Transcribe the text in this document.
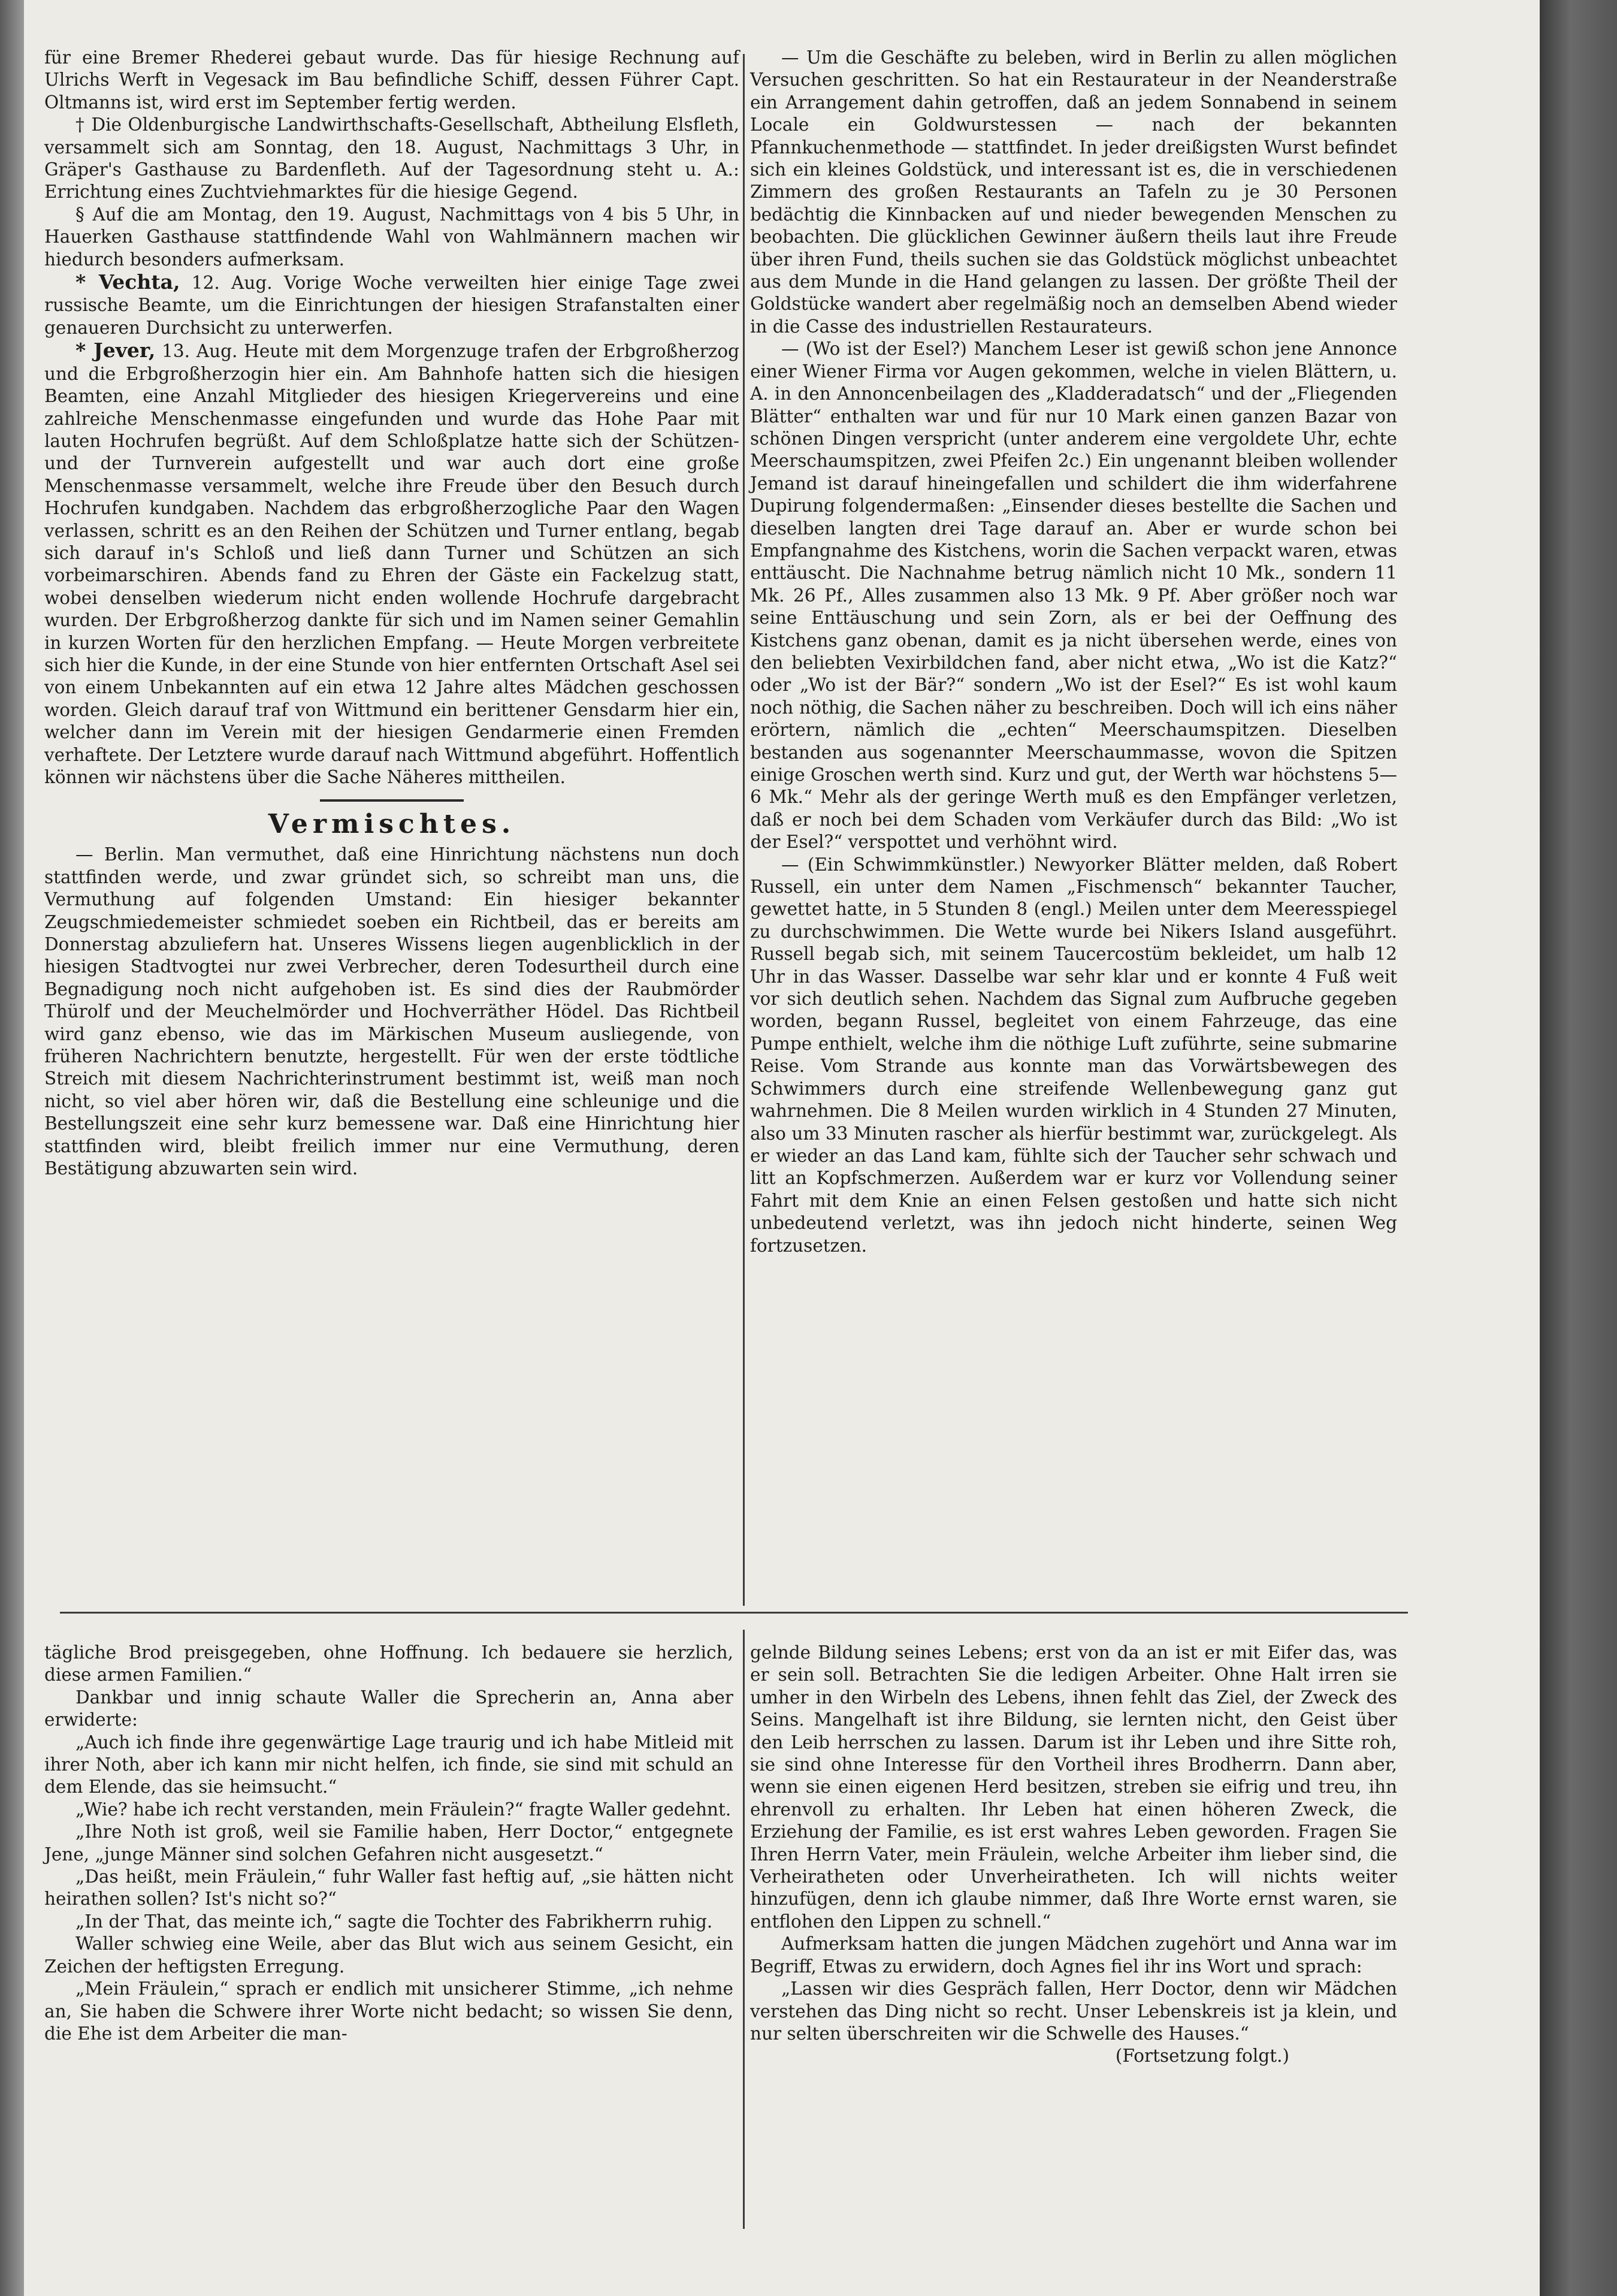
für eine Bremer Rhederei gebaut wurde. Das für hiesige Rechnung auf Ulrichs Werft in Vegesack im Bau befindliche Schiff, dessen Führer Capt. Oltmanns ist, wird erst im September fertig werden.

† Die Oldenburgische Landwirthschafts-Gesellschaft, Abtheilung Elsfleth, versammelt sich am Sonntag, den 18. August, Nachmittags 3 Uhr, in Gräper's Gasthause zu Bardenfleth. Auf der Tagesordnung steht u. A.: Errichtung eines Zuchtviehmarktes für die hiesige Gegend.

§ Auf die am Montag, den 19. August, Nachmittags von 4 bis 5 Uhr, in Hauerken Gasthause stattfindende Wahl von Wahlmännern machen wir hiedurch besonders aufmerksam.

* Vechta, 12. Aug. Vorige Woche verweilten hier einige Tage zwei russische Beamte, um die Einrichtungen der hiesigen Strafanstalten einer genaueren Durchsicht zu unterwerfen.

* Jever, 13. Aug. Heute mit dem Morgenzuge trafen der Erbgroßherzog und die Erbgroßherzogin hier ein. Am Bahnhofe hatten sich die hiesigen Beamten, eine Anzahl Mitglieder des hiesigen Kriegervereins und eine zahlreiche Menschenmasse eingefunden und wurde das Hohe Paar mit lauten Hochrufen begrüßt. Auf dem Schloßplatze hatte sich der Schützen- und der Turnverein aufgestellt und war auch dort eine große Menschenmasse versammelt, welche ihre Freude über den Besuch durch Hochrufen kundgaben. Nachdem das erbgroßherzogliche Paar den Wagen verlassen, schritt es an den Reihen der Schützen und Turner entlang, begab sich darauf in's Schloß und ließ dann Turner und Schützen an sich vorbeimarschiren. Abends fand zu Ehren der Gäste ein Fackelzug statt, wobei denselben wiederum nicht enden wollende Hochrufe dargebracht wurden. Der Erbgroßherzog dankte für sich und im Namen seiner Gemahlin in kurzen Worten für den herzlichen Empfang. — Heute Morgen verbreitete sich hier die Kunde, in der eine Stunde von hier entfernten Ortschaft Asel sei von einem Unbekannten auf ein etwa 12 Jahre altes Mädchen geschossen worden. Gleich darauf traf von Wittmund ein berittener Gensdarm hier ein, welcher dann im Verein mit der hiesigen Gendarmerie einen Fremden verhaftete. Der Letztere wurde darauf nach Wittmund abgeführt. Hoffentlich können wir nächstens über die Sache Näheres mittheilen.

Vermischtes.

— Berlin. Man vermuthet, daß eine Hinrichtung nächstens nun doch stattfinden werde, und zwar gründet sich, so schreibt man uns, die Vermuthung auf folgenden Umstand: Ein hiesiger bekannter Zeugschmiedemeister schmiedet soeben ein Richtbeil, das er bereits am Donnerstag abzuliefern hat. Unseres Wissens liegen augenblicklich in der hiesigen Stadtvogtei nur zwei Verbrecher, deren Todesurtheil durch eine Begnadigung noch nicht aufgehoben ist. Es sind dies der Raubmörder Thürolf und der Meuchelmörder und Hochverräther Hödel. Das Richtbeil wird ganz ebenso, wie das im Märkischen Museum ausliegende, von früheren Nachrichtern benutzte, hergestellt. Für wen der erste tödtliche Streich mit diesem Nachrichterinstrument bestimmt ist, weiß man noch nicht, so viel aber hören wir, daß die Bestellung eine schleunige und die Bestellungszeit eine sehr kurz bemessene war. Daß eine Hinrichtung hier stattfinden wird, bleibt freilich immer nur eine Vermuthung, deren Bestätigung abzuwarten sein wird.

— Um die Geschäfte zu beleben, wird in Berlin zu allen möglichen Versuchen geschritten. So hat ein Restaurateur in der Neanderstraße ein Arrangement dahin getroffen, daß an jedem Sonnabend in seinem Locale ein Goldwurstessen — nach der bekannten Pfannkuchenmethode — stattfindet. In jeder dreißigsten Wurst befindet sich ein kleines Goldstück, und interessant ist es, die in verschiedenen Zimmern des großen Restaurants an Tafeln zu je 30 Personen bedächtig die Kinnbacken auf und nieder bewegenden Menschen zu beobachten. Die glücklichen Gewinner äußern theils laut ihre Freude über ihren Fund, theils suchen sie das Goldstück möglichst unbeachtet aus dem Munde in die Hand gelangen zu lassen. Der größte Theil der Goldstücke wandert aber regelmäßig noch an demselben Abend wieder in die Casse des industriellen Restaurateurs.

— (Wo ist der Esel?) Manchem Leser ist gewiß schon jene Annonce einer Wiener Firma vor Augen gekommen, welche in vielen Blättern, u. A. in den Annoncenbeilagen des „Kladderadatsch“ und der „Fliegenden Blätter“ enthalten war und für nur 10 Mark einen ganzen Bazar von schönen Dingen verspricht (unter anderem eine vergoldete Uhr, echte Meerschaumspitzen, zwei Pfeifen 2c.) Ein ungenannt bleiben wollender Jemand ist darauf hineingefallen und schildert die ihm widerfahrene Dupirung folgendermaßen: „Einsender dieses bestellte die Sachen und dieselben langten drei Tage darauf an. Aber er wurde schon bei Empfangnahme des Kistchens, worin die Sachen verpackt waren, etwas enttäuscht. Die Nachnahme betrug nämlich nicht 10 Mk., sondern 11 Mk. 26 Pf., Alles zusammen also 13 Mk. 9 Pf. Aber größer noch war seine Enttäuschung und sein Zorn, als er bei der Oeffnung des Kistchens ganz obenan, damit es ja nicht übersehen werde, eines von den beliebten Vexirbildchen fand, aber nicht etwa, „Wo ist die Katz?“ oder „Wo ist der Bär?“ sondern „Wo ist der Esel?“ Es ist wohl kaum noch nöthig, die Sachen näher zu beschreiben. Doch will ich eins näher erörtern, nämlich die „echten“ Meerschaumspitzen. Dieselben bestanden aus sogenannter Meerschaummasse, wovon die Spitzen einige Groschen werth sind. Kurz und gut, der Werth war höchstens 5—6 Mk.“ Mehr als der geringe Werth muß es den Empfänger verletzen, daß er noch bei dem Schaden vom Verkäufer durch das Bild: „Wo ist der Esel?“ verspottet und verhöhnt wird.

— (Ein Schwimmkünstler.) Newyorker Blätter melden, daß Robert Russell, ein unter dem Namen „Fischmensch“ bekannter Taucher, gewettet hatte, in 5 Stunden 8 (engl.) Meilen unter dem Meeresspiegel zu durchschwimmen. Die Wette wurde bei Nikers Island ausgeführt. Russell begab sich, mit seinem Taucercostüm bekleidet, um halb 12 Uhr in das Wasser. Dasselbe war sehr klar und er konnte 4 Fuß weit vor sich deutlich sehen. Nachdem das Signal zum Aufbruche gegeben worden, begann Russel, begleitet von einem Fahrzeuge, das eine Pumpe enthielt, welche ihm die nöthige Luft zuführte, seine submarine Reise. Vom Strande aus konnte man das Vorwärtsbewegen des Schwimmers durch eine streifende Wellenbewegung ganz gut wahrnehmen. Die 8 Meilen wurden wirklich in 4 Stunden 27 Minuten, also um 33 Minuten rascher als hierfür bestimmt war, zurückgelegt. Als er wieder an das Land kam, fühlte sich der Taucher sehr schwach und litt an Kopfschmerzen. Außerdem war er kurz vor Vollendung seiner Fahrt mit dem Knie an einen Felsen gestoßen und hatte sich nicht unbedeutend verletzt, was ihn jedoch nicht hinderte, seinen Weg fortzusetzen.

tägliche Brod preisgegeben, ohne Hoffnung. Ich bedauere sie herzlich, diese armen Familien.“

Dankbar und innig schaute Waller die Sprecherin an, Anna aber erwiderte:

„Auch ich finde ihre gegenwärtige Lage traurig und ich habe Mitleid mit ihrer Noth, aber ich kann mir nicht helfen, ich finde, sie sind mit schuld an dem Elende, das sie heimsucht.“

„Wie? habe ich recht verstanden, mein Fräulein?“ fragte Waller gedehnt.

„Ihre Noth ist groß, weil sie Familie haben, Herr Doctor,“ entgegnete Jene, „junge Männer sind solchen Gefahren nicht ausgesetzt.“

„Das heißt, mein Fräulein,“ fuhr Waller fast heftig auf, „sie hätten nicht heirathen sollen? Ist's nicht so?“

„In der That, das meinte ich,“ sagte die Tochter des Fabrikherrn ruhig.

Waller schwieg eine Weile, aber das Blut wich aus seinem Gesicht, ein Zeichen der heftigsten Erregung.

„Mein Fräulein,“ sprach er endlich mit unsicherer Stimme, „ich nehme an, Sie haben die Schwere ihrer Worte nicht bedacht; so wissen Sie denn, die Ehe ist dem Arbeiter die man-

gelnde Bildung seines Lebens; erst von da an ist er mit Eifer das, was er sein soll. Betrachten Sie die ledigen Arbeiter. Ohne Halt irren sie umher in den Wirbeln des Lebens, ihnen fehlt das Ziel, der Zweck des Seins. Mangelhaft ist ihre Bildung, sie lernten nicht, den Geist über den Leib herrschen zu lassen. Darum ist ihr Leben und ihre Sitte roh, sie sind ohne Interesse für den Vortheil ihres Brodherrn. Dann aber, wenn sie einen eigenen Herd besitzen, streben sie eifrig und treu, ihn ehrenvoll zu erhalten. Ihr Leben hat einen höheren Zweck, die Erziehung der Familie, es ist erst wahres Leben geworden. Fragen Sie Ihren Herrn Vater, mein Fräulein, welche Arbeiter ihm lieber sind, die Verheiratheten oder Unverheiratheten. Ich will nichts weiter hinzufügen, denn ich glaube nimmer, daß Ihre Worte ernst waren, sie entflohen den Lippen zu schnell.“

Aufmerksam hatten die jungen Mädchen zugehört und Anna war im Begriff, Etwas zu erwidern, doch Agnes fiel ihr ins Wort und sprach:

„Lassen wir dies Gespräch fallen, Herr Doctor, denn wir Mädchen verstehen das Ding nicht so recht. Unser Lebenskreis ist ja klein, und nur selten überschreiten wir die Schwelle des Hauses.“

(Fortsetzung folgt.)
